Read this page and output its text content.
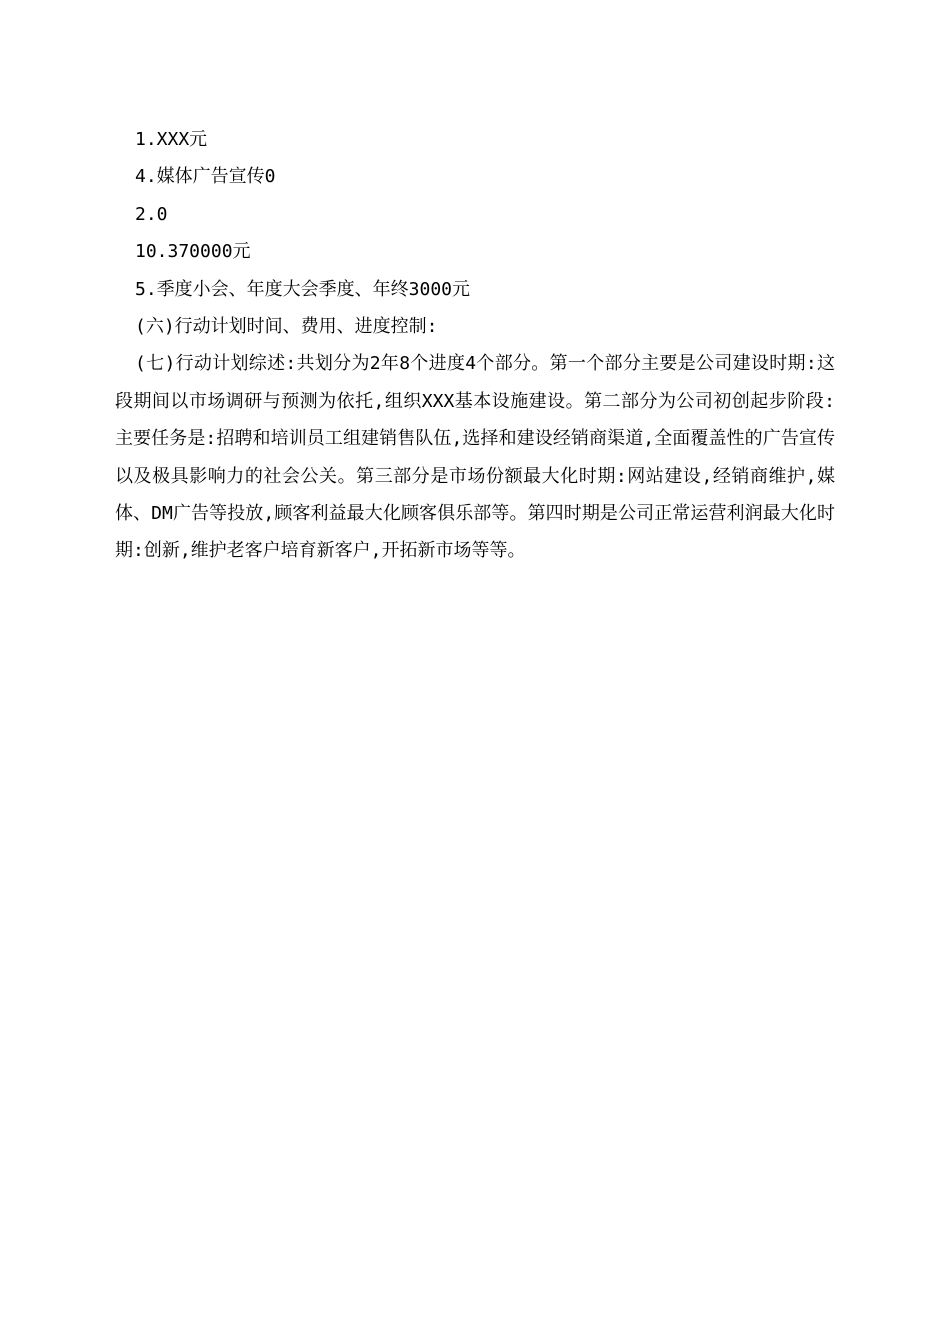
1.XXX元

4.媒体广告宣传0

2.0

10.370000元

5.季度小会、年度大会季度、年终3000元

(六)行动计划时间、费用、进度控制:

(七)行动计划综述:共划分为2年8个进度4个部分。第一个部分主要是公司建设时期:这段期间以市场调研与预测为依托,组织XXX基本设施建设。第二部分为公司初创起步阶段:主要任务是:招聘和培训员工组建销售队伍,选择和建设经销商渠道,全面覆盖性的广告宣传以及极具影响力的社会公关。第三部分是市场份额最大化时期:网站建设,经销商维护,媒体、DM广告等投放,顾客利益最大化顾客俱乐部等。第四时期是公司正常运营利润最大化时期:创新,维护老客户培育新客户,开拓新市场等等。
